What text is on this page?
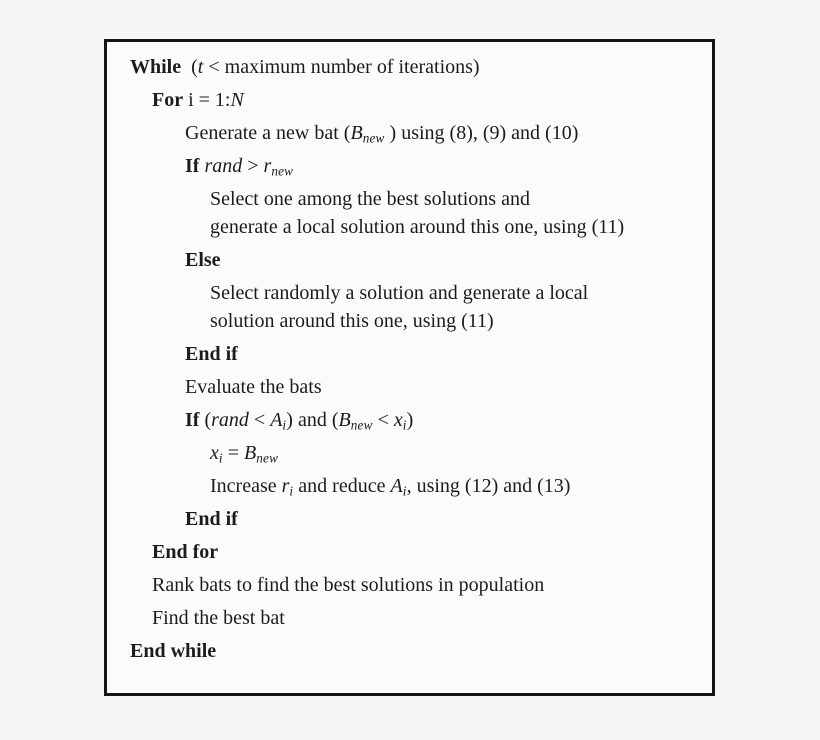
While  (t < maximum number of iterations)
For i = 1:N
Generate a new bat ($B_{new}$ ) using (8), (9) and (10)
If rand > $r_{new}$
Select one among the best solutions and
generate a local solution around this one, using (11)
Else
Select randomly a solution and generate a local
solution around this one, using (11)
End if
Evaluate the bats
If (rand < $A_i$) and $(B_{new} < x_i)$
$x_i = B_{new}$
Increase $r_i$ and reduce $A_i$, using (12) and (13)
End if
End for
Rank bats to find the best solutions in population
Find the best bat
End while
